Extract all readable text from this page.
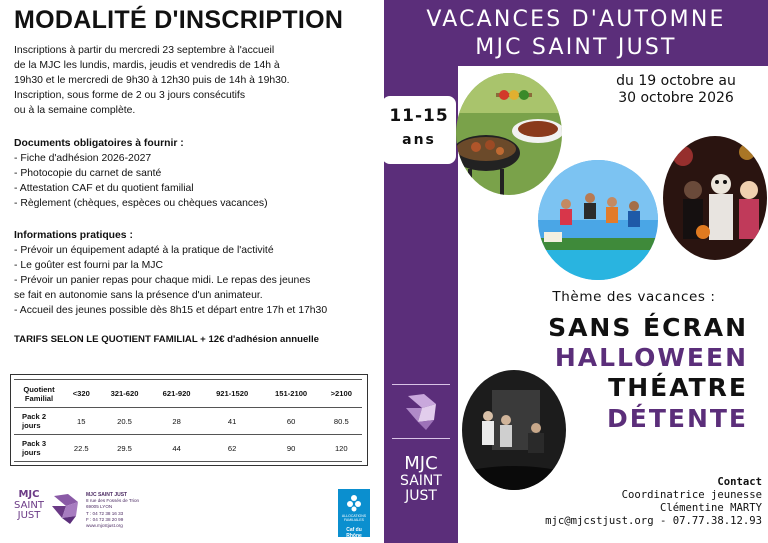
MODALITÉ D'INSCRIPTION
Inscriptions à partir du mercredi 23 septembre à l'accueil
de la MJC les lundis, mardis, jeudis et vendredis de 14h à
19h30 et le mercredi de 9h30 à 12h30 puis de 14h à 19h30.
Inscription, sous forme de 2 ou 3 jours consécutifs
ou à la semaine complète.
Documents obligatoires à fournir :
- Fiche d'adhésion 2026-2027
- Photocopie du carnet de santé
- Attestation CAF et du quotient familial
- Règlement (chèques, espèces ou chèques vacances)
Informations pratiques :
- Prévoir un équipement adapté à la pratique de l'activité
- Le goûter est fourni par la MJC
- Prévoir un panier repas pour chaque midi. Le repas des jeunes
se fait en autonomie sans la présence d'un animateur.
- Accueil des jeunes possible dès 8h15 et départ entre 17h et 17h30
TARIFS SELON LE QUOTIENT FAMILIAL + 12€ d'adhésion annuelle
Quotient Familial	<320	321-620	621-920	921-1520	151-2100	>2100
Pack 2 jours	15	20.5	28	41	60	80.5
Pack 3 jours	22.5	29.5	44	62	90	120
MJC
SAINT
JUST
MJC SAINT JUST
8 rue des Fossés de Trion
69005 LYON
T : 04 72 38 16 33
F : 04 72 38 20 99
www.mjcstjust.org
ALLOCATIONS
FAMILIALES
Caf du Rhône
VACANCES D'AUTOMNE
MJC SAINT JUST
du 19 octobre au
30 octobre 2026
11-15
ans
Thème des vacances :
SANS ÉCRAN
HALLOWEEN
THÉATRE
DÉTENTE
MJC
SAINT
JUST
Contact
Coordinatrice jeunesse
Clémentine MARTY
mjc@mjcstjust.org - 07.77.38.12.93
